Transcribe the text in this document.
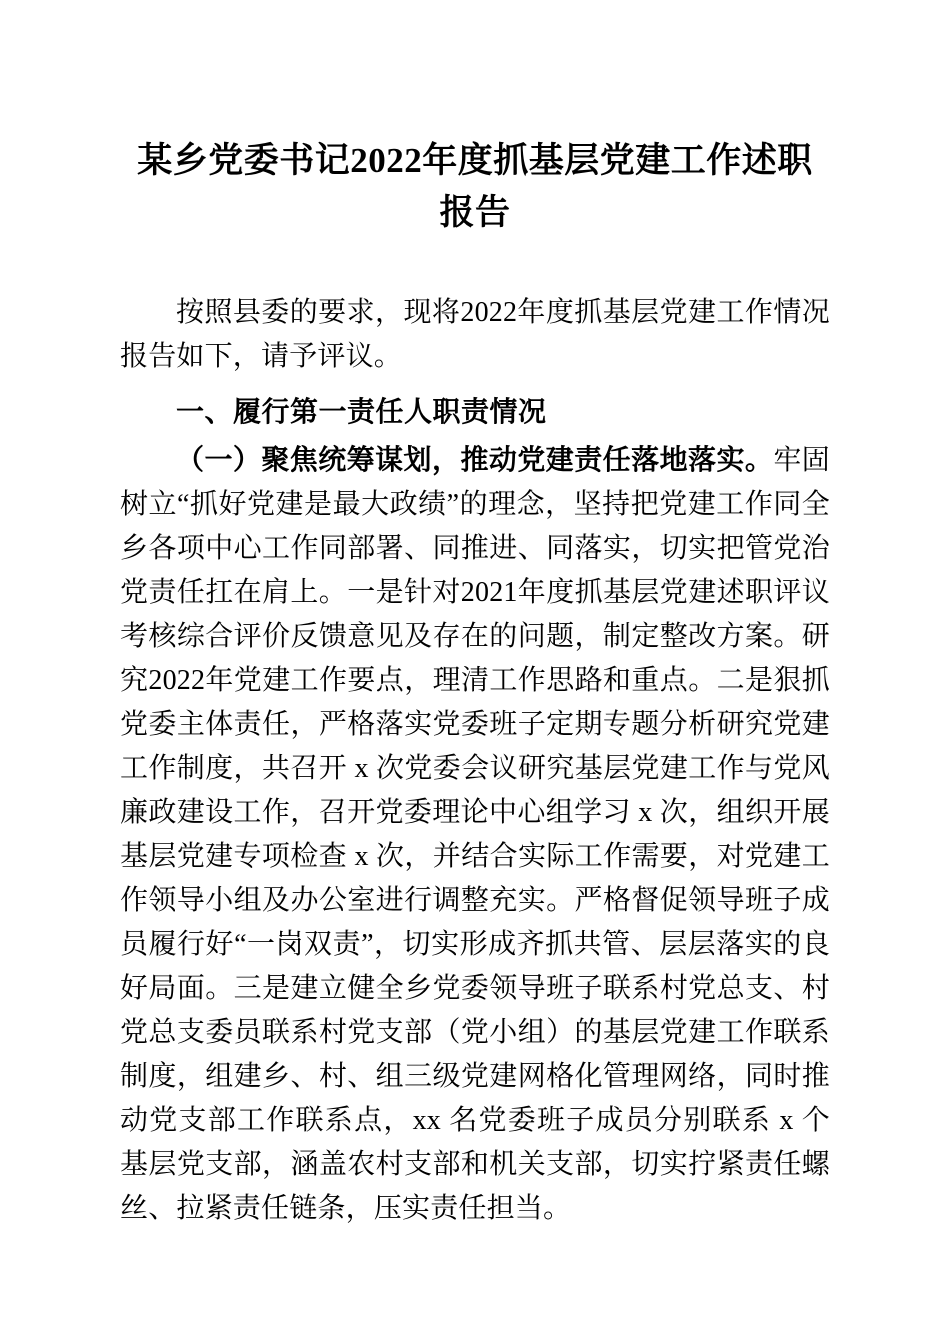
某乡党委书记2022年度抓基层党建工作述职
报告

按照县委的要求，现将2022年度抓基层党建工作情况报告如下，请予评议。

一、履行第一责任人职责情况

（一）聚焦统筹谋划，推动党建责任落地落实。牢固树立“抓好党建是最大政绩”的理念，坚持把党建工作同全乡各项中心工作同部署、同推进、同落实，切实把管党治党责任扛在肩上。一是针对2021年度抓基层党建述职评议考核综合评价反馈意见及存在的问题，制定整改方案。研究2022年党建工作要点，理清工作思路和重点。二是狠抓党委主体责任，严格落实党委班子定期专题分析研究党建工作制度，共召开 x 次党委会议研究基层党建工作与党风廉政建设工作，召开党委理论中心组学习 x 次，组织开展基层党建专项检查 x 次，并结合实际工作需要，对党建工作领导小组及办公室进行调整充实。严格督促领导班子成员履行好“一岗双责”，切实形成齐抓共管、层层落实的良好局面。三是建立健全乡党委领导班子联系村党总支、村党总支委员联系村党支部（党小组）的基层党建工作联系制度，组建乡、村、组三级党建网格化管理网络，同时推动党支部工作联系点，xx 名党委班子成员分别联系 x 个基层党支部，涵盖农村支部和机关支部，切实拧紧责任螺丝、拉紧责任链条，压实责任担当。
